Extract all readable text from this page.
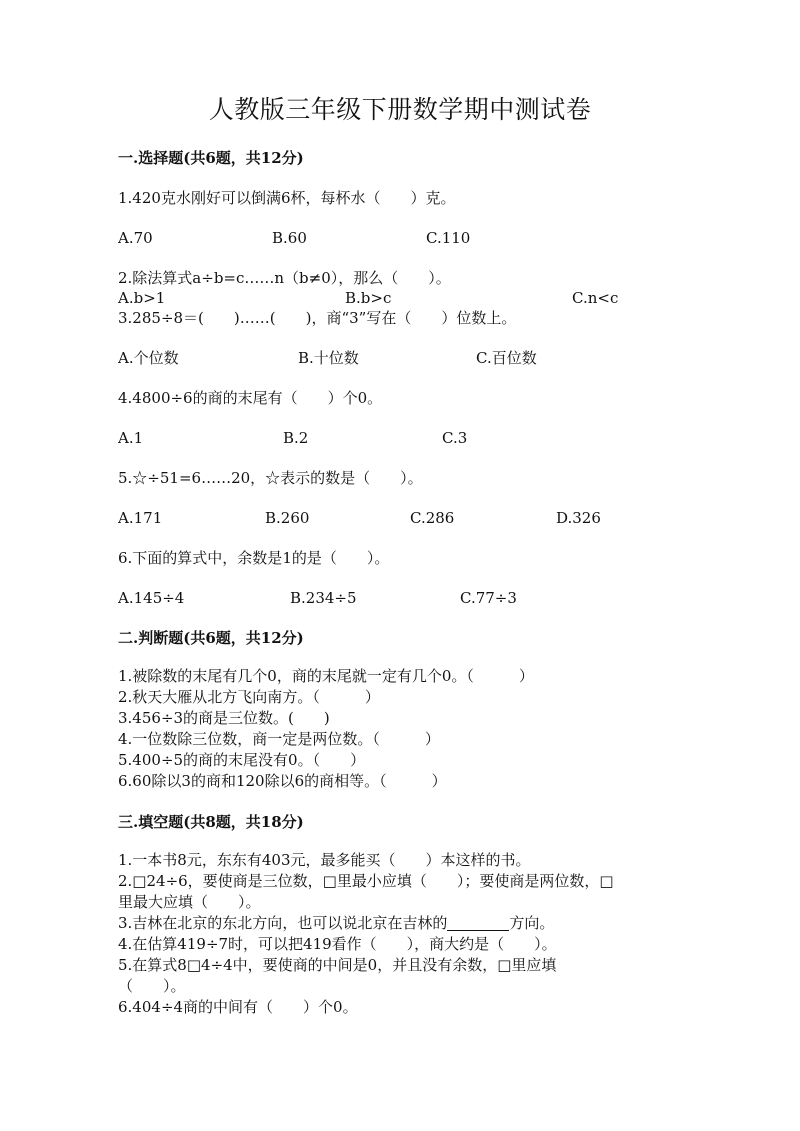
人教版三年级下册数学期中测试卷
一.选择题(共6题，共12分)
1.420克水刚好可以倒满6杯，每杯水（　　）克。
A.70	B.60	C.110
2.除法算式a÷b=c……n（b≠0），那么（　　）。
A.b>1	B.b>c	C.n<c
3.285÷8＝(　　)……(　　)，商“3”写在（　　）位数上。
A.个位数	B.十位数	C.百位数
4.4800÷6的商的末尾有（　　）个0。
A.1	B.2	C.3
5.☆÷51=6……20，☆表示的数是（　　）。
A.171	B.260	C.286	D.326
6.下面的算式中，余数是1的是（　　）。
A.145÷4	B.234÷5	C.77÷3
二.判断题(共6题，共12分)
1.被除数的末尾有几个0，商的末尾就一定有几个0。（　　　）
2.秋天大雁从北方飞向南方。（　　　）
3.456÷3的商是三位数。(　　)
4.一位数除三位数，商一定是两位数。（　　　）
5.400÷5的商的末尾没有0。（　　）
6.60除以3的商和120除以6的商相等。（　　　）
三.填空题(共8题，共18分)
1.一本书8元，东东有403元，最多能买（　　）本这样的书。
2.□24÷6，要使商是三位数，□里最小应填（　　）；要使商是两位数，□
里最大应填（　　）。
3.吉林在北京的东北方向，也可以说北京在吉林的	方向。
4.在估算419÷7时，可以把419看作（　　），商大约是（　　）。
5.在算式8□4÷4中，要使商的中间是0，并且没有余数，□里应填
（　　）。
6.404÷4商的中间有（　　）个0。
